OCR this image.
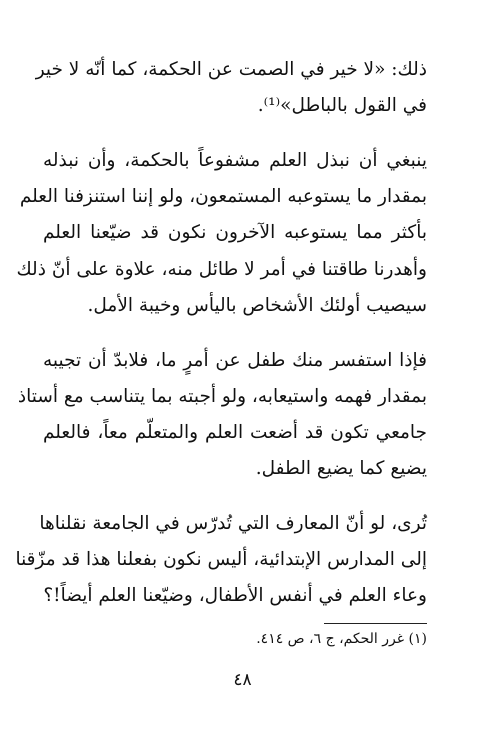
ذلك: «لا خير في الصمت عن الحكمة، كما أنّه لا خير
في القول بالباطل»⁽¹⁾.
ينبغي أن نبذل العلم مشفوعاً بالحكمة، وأن نبذله
بمقدار ما يستوعبه المستمعون، ولو إننا استنزفنا العلم
بأكثر مما يستوعبه الآخرون نكون قد ضيّعنا العلم
وأهدرنا طاقتنا في أمر لا طائل منه، علاوة على أنّ ذلك
سيصيب أولئك الأشخاص باليأس وخيبة الأمل.
فإذا استفسر منك طفل عن أمرٍ ما، فلابدّ أن تجيبه
بمقدار فهمه واستيعابه، ولو أجبته بما يتناسب مع أستاذ
جامعي تكون قد أضعت العلم والمتعلّم معاً، فالعلم
يضيع كما يضيع الطفل.
تُرى، لو أنّ المعارف التي تُدرّس في الجامعة نقلناها
إلى المدارس الإبتدائية، أليس نكون بفعلنا هذا قد مزّقنا
وعاء العلم في أنفس الأطفال، وضيّعنا العلم أيضاً!؟
(١) غرر الحكم، ج ٦، ص ٤١٤.
٤٨
